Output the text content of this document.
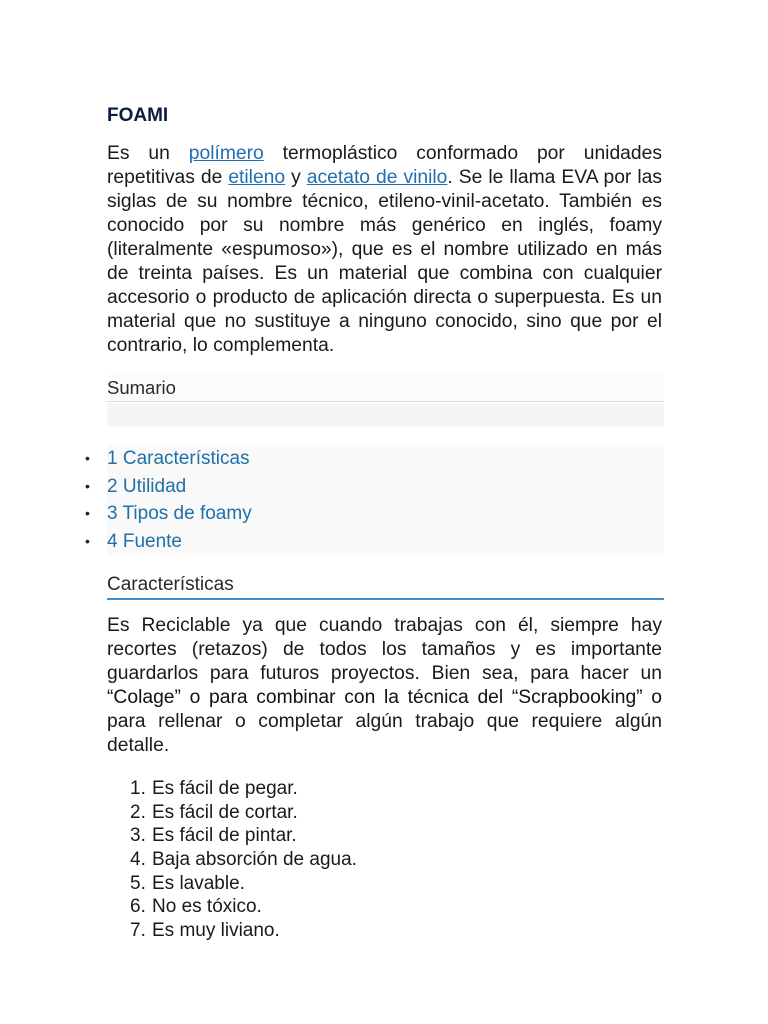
FOAMI

Es un polímero termoplástico conformado por unidades repetitivas de etileno y acetato de vinilo. Se le llama EVA por las siglas de su nombre técnico, etileno-vinil-acetato. También es conocido por su nombre más genérico en inglés, foamy (literalmente «espumoso»), que es el nombre utilizado en más de treinta países. Es un material que combina con cualquier accesorio o producto de aplicación directa o superpuesta. Es un material que no sustituye a ninguno conocido, sino que por el contrario, lo complementa.

Sumario
• 1 Características
• 2 Utilidad
• 3 Tipos de foamy
• 4 Fuente
Características

Es Reciclable ya que cuando trabajas con él, siempre hay recortes (retazos) de todos los tamaños y es importante guardarlos para futuros proyectos. Bien sea, para hacer un “Colage” o para combinar con la técnica del “Scrapbooking” o para rellenar o completar algún trabajo que requiere algún detalle.

1. Es fácil de pegar.
2. Es fácil de cortar.
3. Es fácil de pintar.
4. Baja absorción de agua.
5. Es lavable.
6. No es tóxico.
7. Es muy liviano.
